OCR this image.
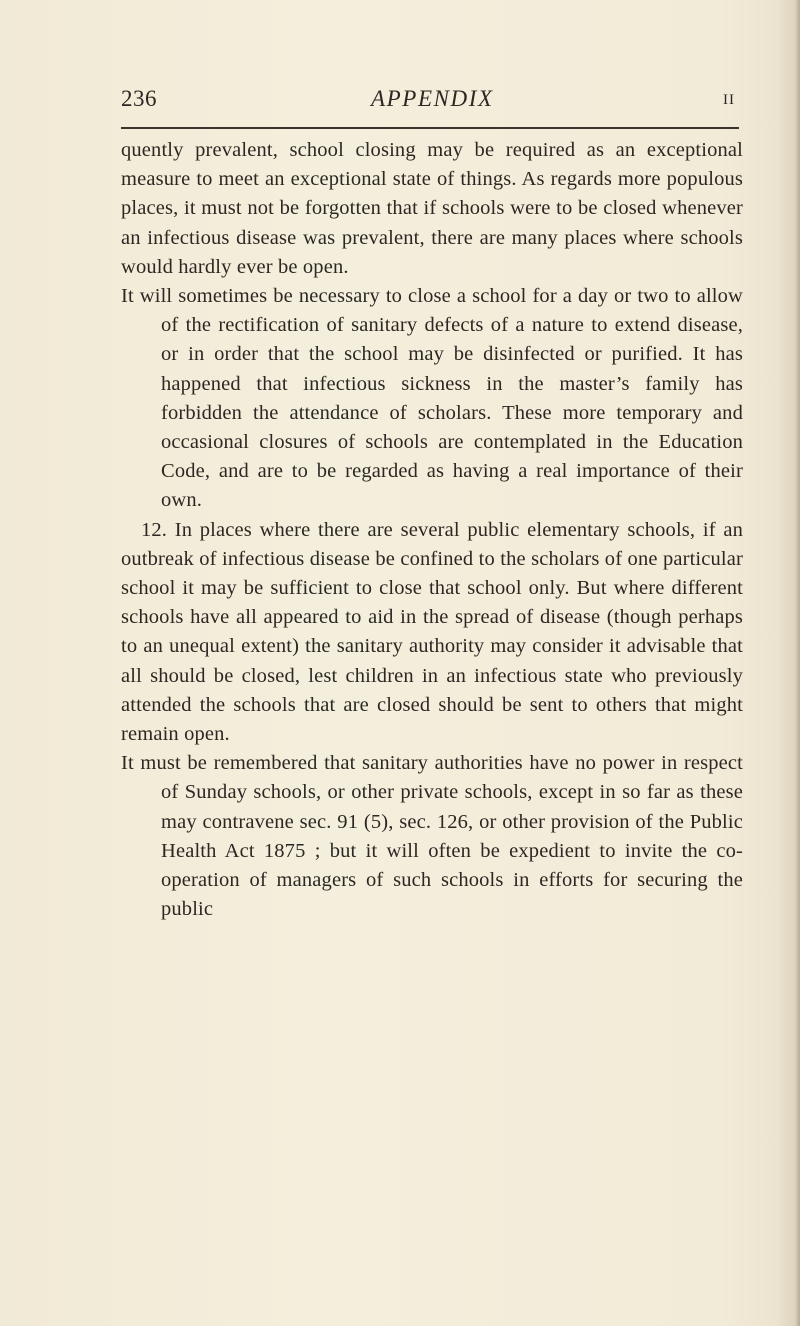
236	APPENDIX	II

quently prevalent, school closing may be required as an exceptional measure to meet an exceptional state of things. As regards more populous places, it must not be forgotten that if schools were to be closed whenever an infectious disease was prevalent, there are many places where schools would hardly ever be open.

It will sometimes be necessary to close a school for a day or two to allow of the rectification of sanitary defects of a nature to extend disease, or in order that the school may be disinfected or purified. It has happened that infectious sickness in the master’s family has forbidden the attendance of scholars. These more temporary and occasional closures of schools are contemplated in the Education Code, and are to be regarded as having a real importance of their own.

12. In places where there are several public elementary schools, if an outbreak of infectious disease be confined to the scholars of one particular school it may be sufficient to close that school only. But where different schools have all appeared to aid in the spread of disease (though perhaps to an unequal extent) the sanitary authority may consider it advisable that all should be closed, lest children in an infectious state who previously attended the schools that are closed should be sent to others that might remain open.

It must be remembered that sanitary authorities have no power in respect of Sunday schools, or other private schools, except in so far as these may contravene sec. 91 (5), sec. 126, or other provision of the Public Health Act 1875 ; but it will often be expedient to invite the co-operation of managers of such schools in efforts for securing the public
